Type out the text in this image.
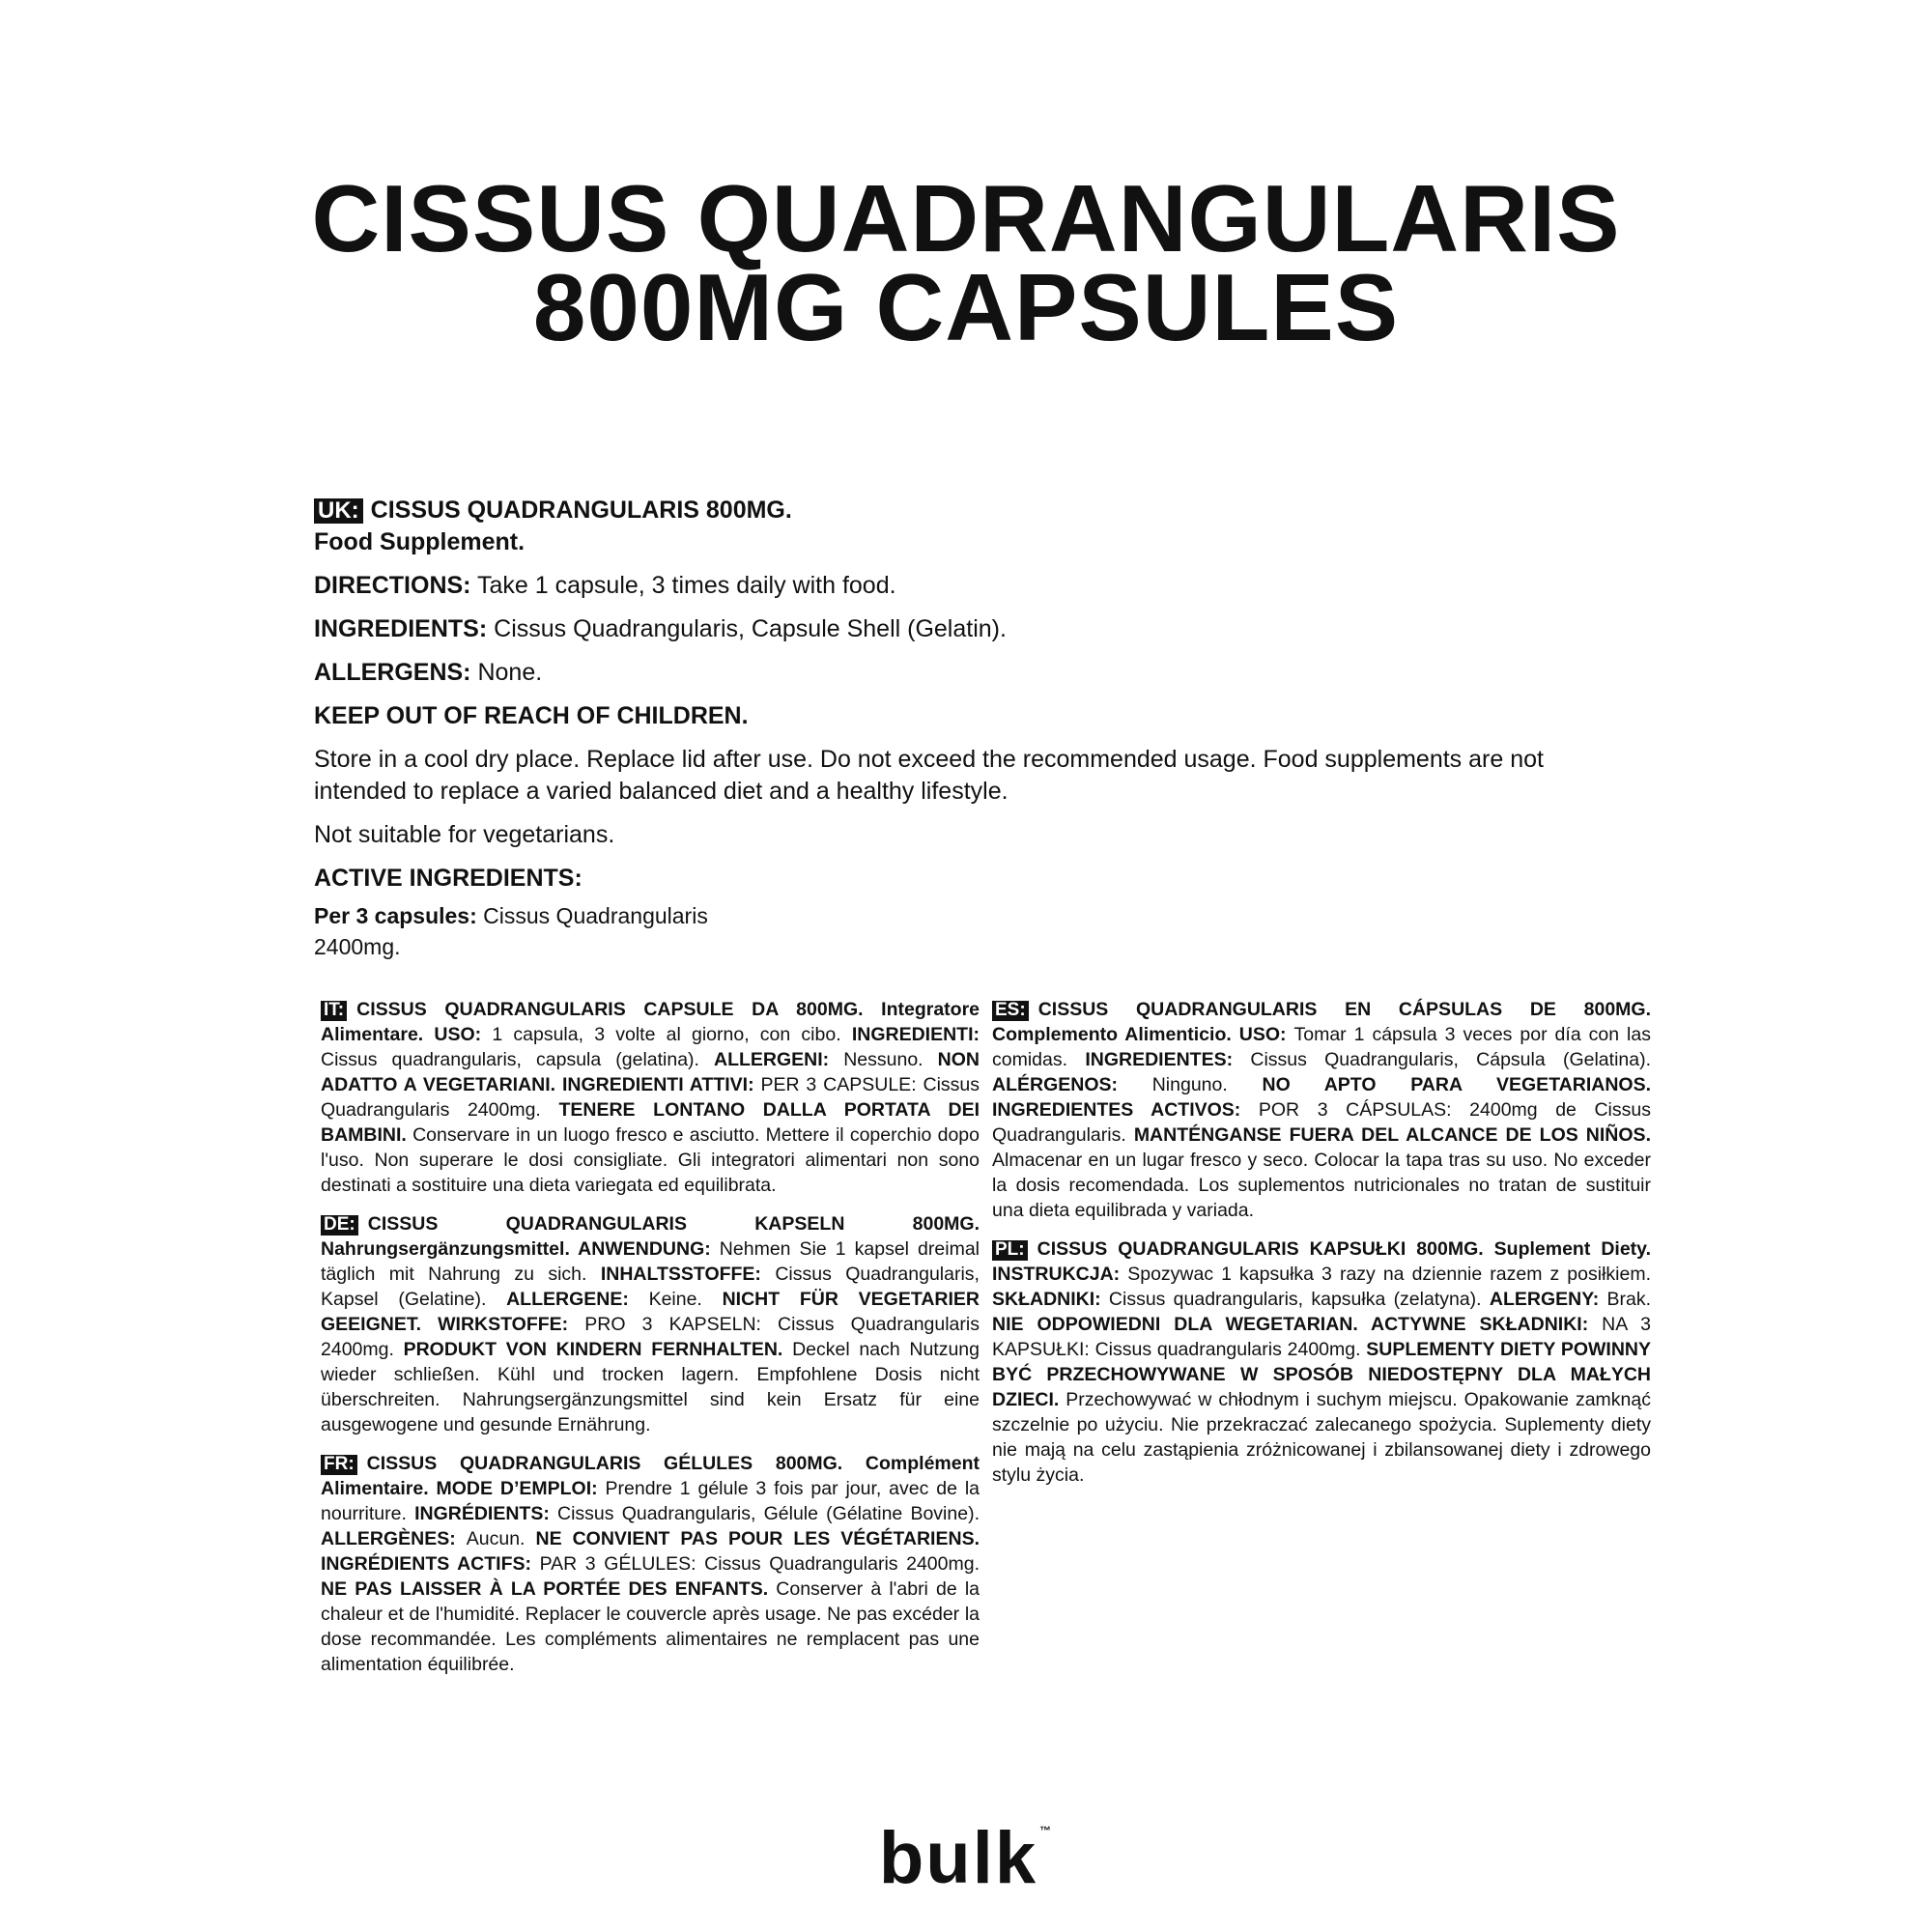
CISSUS QUADRANGULARIS
800MG CAPSULES

UK: CISSUS QUADRANGULARIS 800MG.
Food Supplement.

DIRECTIONS: Take 1 capsule, 3 times daily with food.

INGREDIENTS: Cissus Quadrangularis, Capsule Shell (Gelatin).

ALLERGENS: None.

KEEP OUT OF REACH OF CHILDREN.

Store in a cool dry place. Replace lid after use. Do not exceed the recommended usage. Food supplements are not intended to replace a varied balanced diet and a healthy lifestyle.

Not suitable for vegetarians.

ACTIVE INGREDIENTS:

Per 3 capsules: Cissus Quadrangularis
2400mg.

IT: CISSUS QUADRANGULARIS CAPSULE DA 800MG. Integratore Alimentare. USO: 1 capsula, 3 volte al giorno, con cibo. INGREDIENTI: Cissus quadrangularis, capsula (gelatina). ALLERGENI: Nessuno. NON ADATTO A VEGETARIANI. INGREDIENTI ATTIVI: PER 3 CAPSULE: Cissus Quadrangularis 2400mg. TENERE LONTANO DALLA PORTATA DEI BAMBINI. Conservare in un luogo fresco e asciutto. Mettere il coperchio dopo l'uso. Non superare le dosi consigliate. Gli integratori alimentari non sono destinati a sostituire una dieta variegata ed equilibrata.

DE: CISSUS QUADRANGULARIS KAPSELN 800MG. Nahrungsergänzungsmittel. ANWENDUNG: Nehmen Sie 1 kapsel dreimal täglich mit Nahrung zu sich. INHALTSSTOFFE: Cissus Quadrangularis, Kapsel (Gelatine). ALLERGENE: Keine. NICHT FÜR VEGETARIER GEEIGNET. WIRKSTOFFE: PRO 3 KAPSELN: Cissus Quadrangularis 2400mg. PRODUKT VON KINDERN FERNHALTEN. Deckel nach Nutzung wieder schließen. Kühl und trocken lagern. Empfohlene Dosis nicht überschreiten. Nahrungsergänzungsmittel sind kein Ersatz für eine ausgewogene und gesunde Ernährung.

FR: CISSUS QUADRANGULARIS GÉLULES 800MG. Complément Alimentaire. MODE D’EMPLOI: Prendre 1 gélule 3 fois par jour, avec de la nourriture. INGRÉDIENTS: Cissus Quadrangularis, Gélule (Gélatine Bovine). ALLERGÈNES: Aucun. NE CONVIENT PAS POUR LES VÉGÉTARIENS. INGRÉDIENTS ACTIFS: PAR 3 GÉLULES: Cissus Quadrangularis 2400mg. NE PAS LAISSER À LA PORTÉE DES ENFANTS. Conserver à l'abri de la chaleur et de l'humidité. Replacer le couvercle après usage. Ne pas excéder la dose recommandée. Les compléments alimentaires ne remplacent pas une alimentation équilibrée.

ES: CISSUS QUADRANGULARIS EN CÁPSULAS DE 800MG. Complemento Alimenticio. USO: Tomar 1 cápsula 3 veces por día con las comidas. INGREDIENTES: Cissus Quadrangularis, Cápsula (Gelatina). ALÉRGENOS: Ninguno. NO APTO PARA VEGETARIANOS. INGREDIENTES ACTIVOS: POR 3 CÁPSULAS: 2400mg de Cissus Quadrangularis. MANTÉNGANSE FUERA DEL ALCANCE DE LOS NIÑOS. Almacenar en un lugar fresco y seco. Colocar la tapa tras su uso. No exceder la dosis recomendada. Los suplementos nutricionales no tratan de sustituir una dieta equilibrada y variada.

PL: CISSUS QUADRANGULARIS KAPSUŁKI 800MG. Suplement Diety. INSTRUKCJA: Spozywac 1 kapsułka 3 razy na dziennie razem z posiłkiem. SKŁADNIKI: Cissus quadrangularis, kapsułka (zelatyna). ALERGENY: Brak. NIE ODPOWIEDNI DLA WEGETARIAN. ACTYWNE SKŁADNIKI: NA 3 KAPSUŁKI: Cissus quadrangularis 2400mg. SUPLEMENTY DIETY POWINNY BYĆ PRZECHOWYWANE W SPOSÓB NIEDOSTĘPNY DLA MAŁYCH DZIECI. Przechowywać w chłodnym i suchym miejscu. Opakowanie zamknąć szczelnie po użyciu. Nie przekraczać zalecanego spożycia. Suplementy diety nie mają na celu zastąpienia zróżnicowanej i zbilansowanej diety i zdrowego stylu życia.

bulk ™
